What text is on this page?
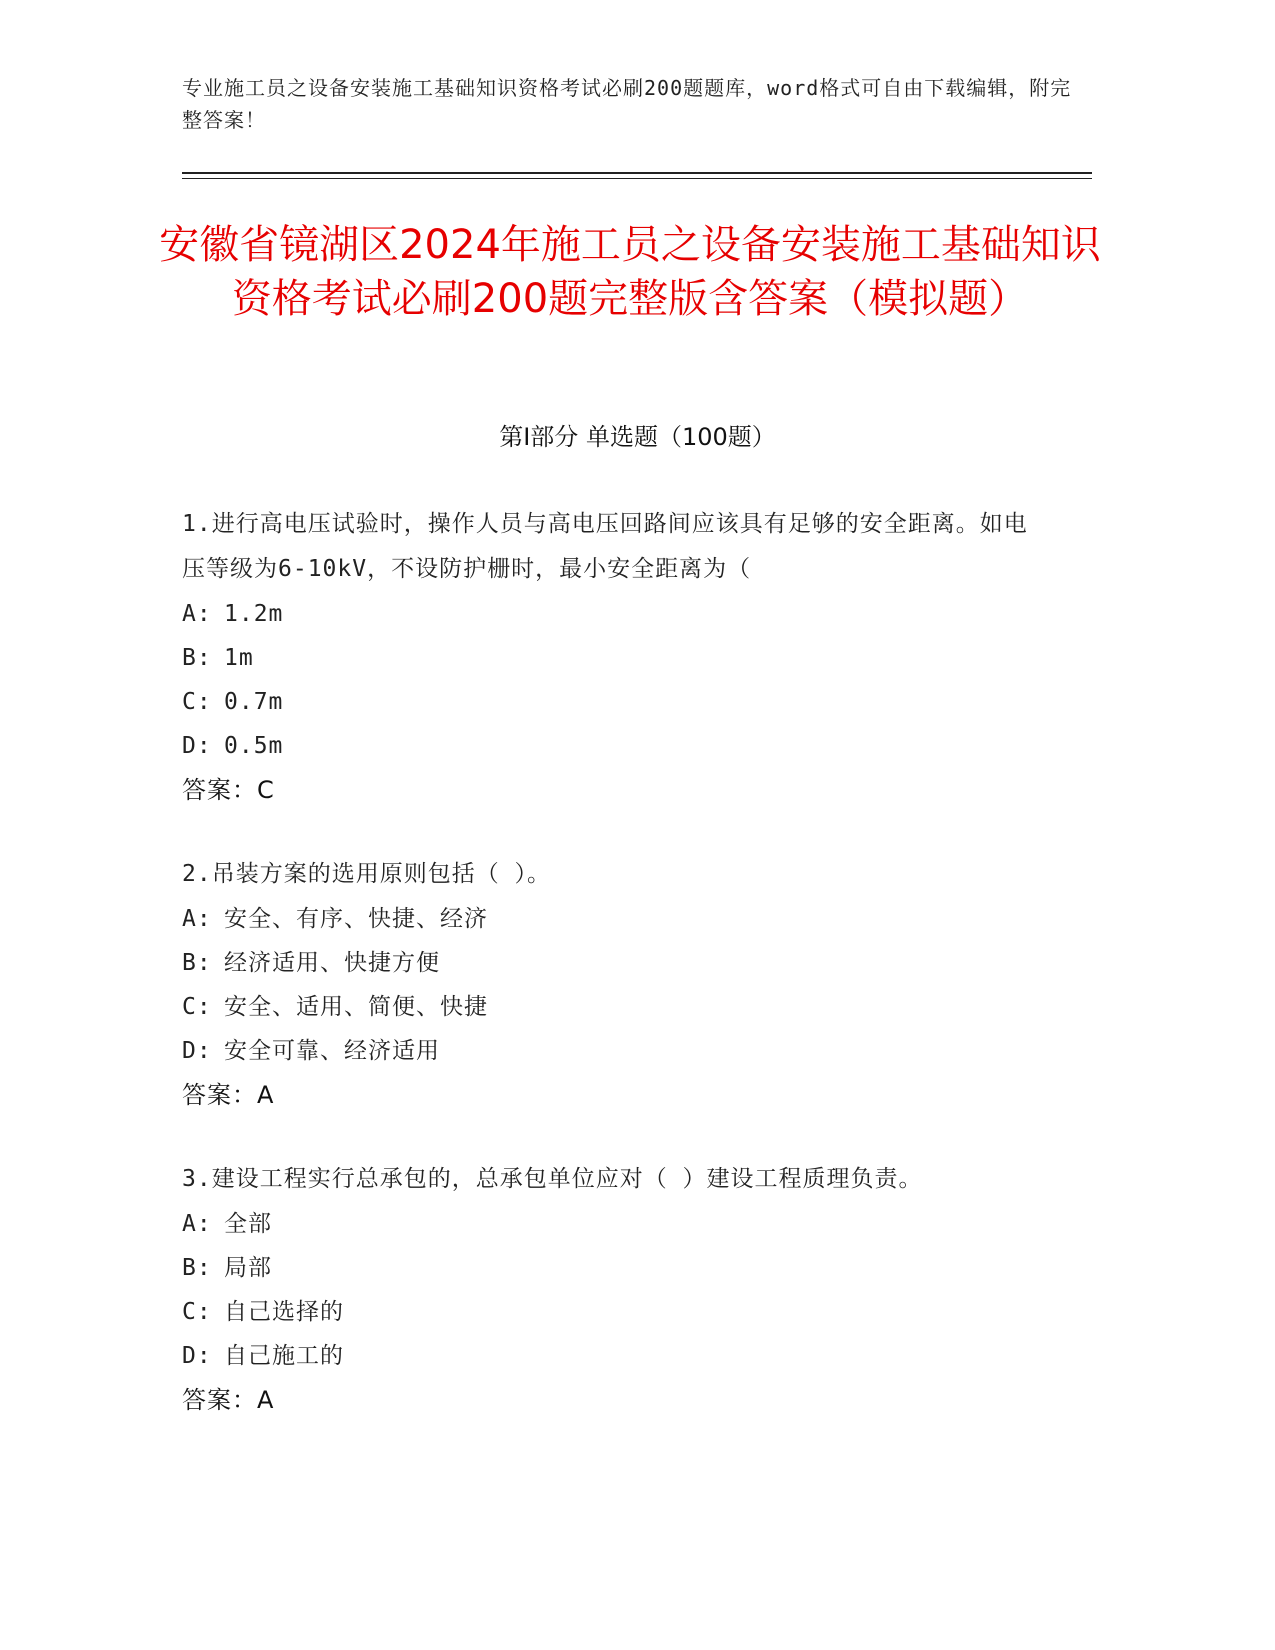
专业施工员之设备安装施工基础知识资格考试必刷200题题库，word格式可自由下载编辑，附完整答案！
安徽省镜湖区2024年施工员之设备安装施工基础知识资格考试必刷200题完整版含答案（模拟题）
第Ⅰ部分 单选题（100题）
1.进行高电压试验时，操作人员与高电压回路间应该具有足够的安全距离。如电压等级为6-10kV，不设防护栅时，最小安全距离为（
A: 1.2m
B: 1m
C: 0.7m
D: 0.5m
答案：C
2.吊装方案的选用原则包括（ ）。
A: 安全、有序、快捷、经济
B: 经济适用、快捷方便
C: 安全、适用、简便、快捷
D: 安全可靠、经济适用
答案：A
3.建设工程实行总承包的，总承包单位应对（ ）建设工程质理负责。
A: 全部
B: 局部
C: 自己选择的
D: 自己施工的
答案：A
